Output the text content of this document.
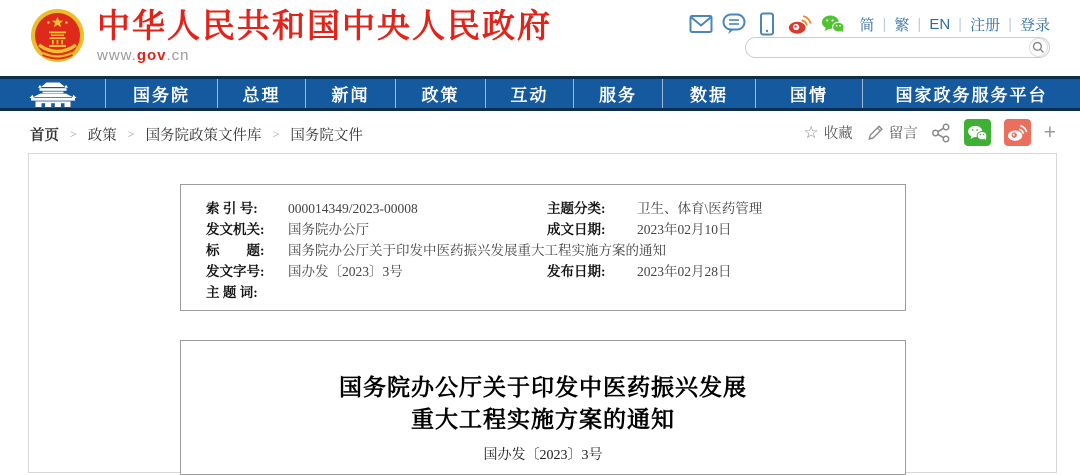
中华人民共和国中央人民政府
www.gov.cn
简 | 繁 | EN | 注册 | 登录
国务院	总理	新闻	政策	互动	服务	数据	国情	国家政务服务平台
首页 > 政策 > 国务院政策文件库 > 国务院文件	☆ 收藏 留言	+
索 引 号:	000014349/2023-00008	主题分类:	卫生、体育\医药管理
发文机关:	国务院办公厅	成文日期:	2023年02月10日
标　　题:	国务院办公厅关于印发中医药振兴发展重大工程实施方案的通知
发文字号:	国办发〔2023〕3号	发布日期:	2023年02月28日
主 题 词:
国务院办公厅关于印发中医药振兴发展
重大工程实施方案的通知
国办发〔2023〕3号
